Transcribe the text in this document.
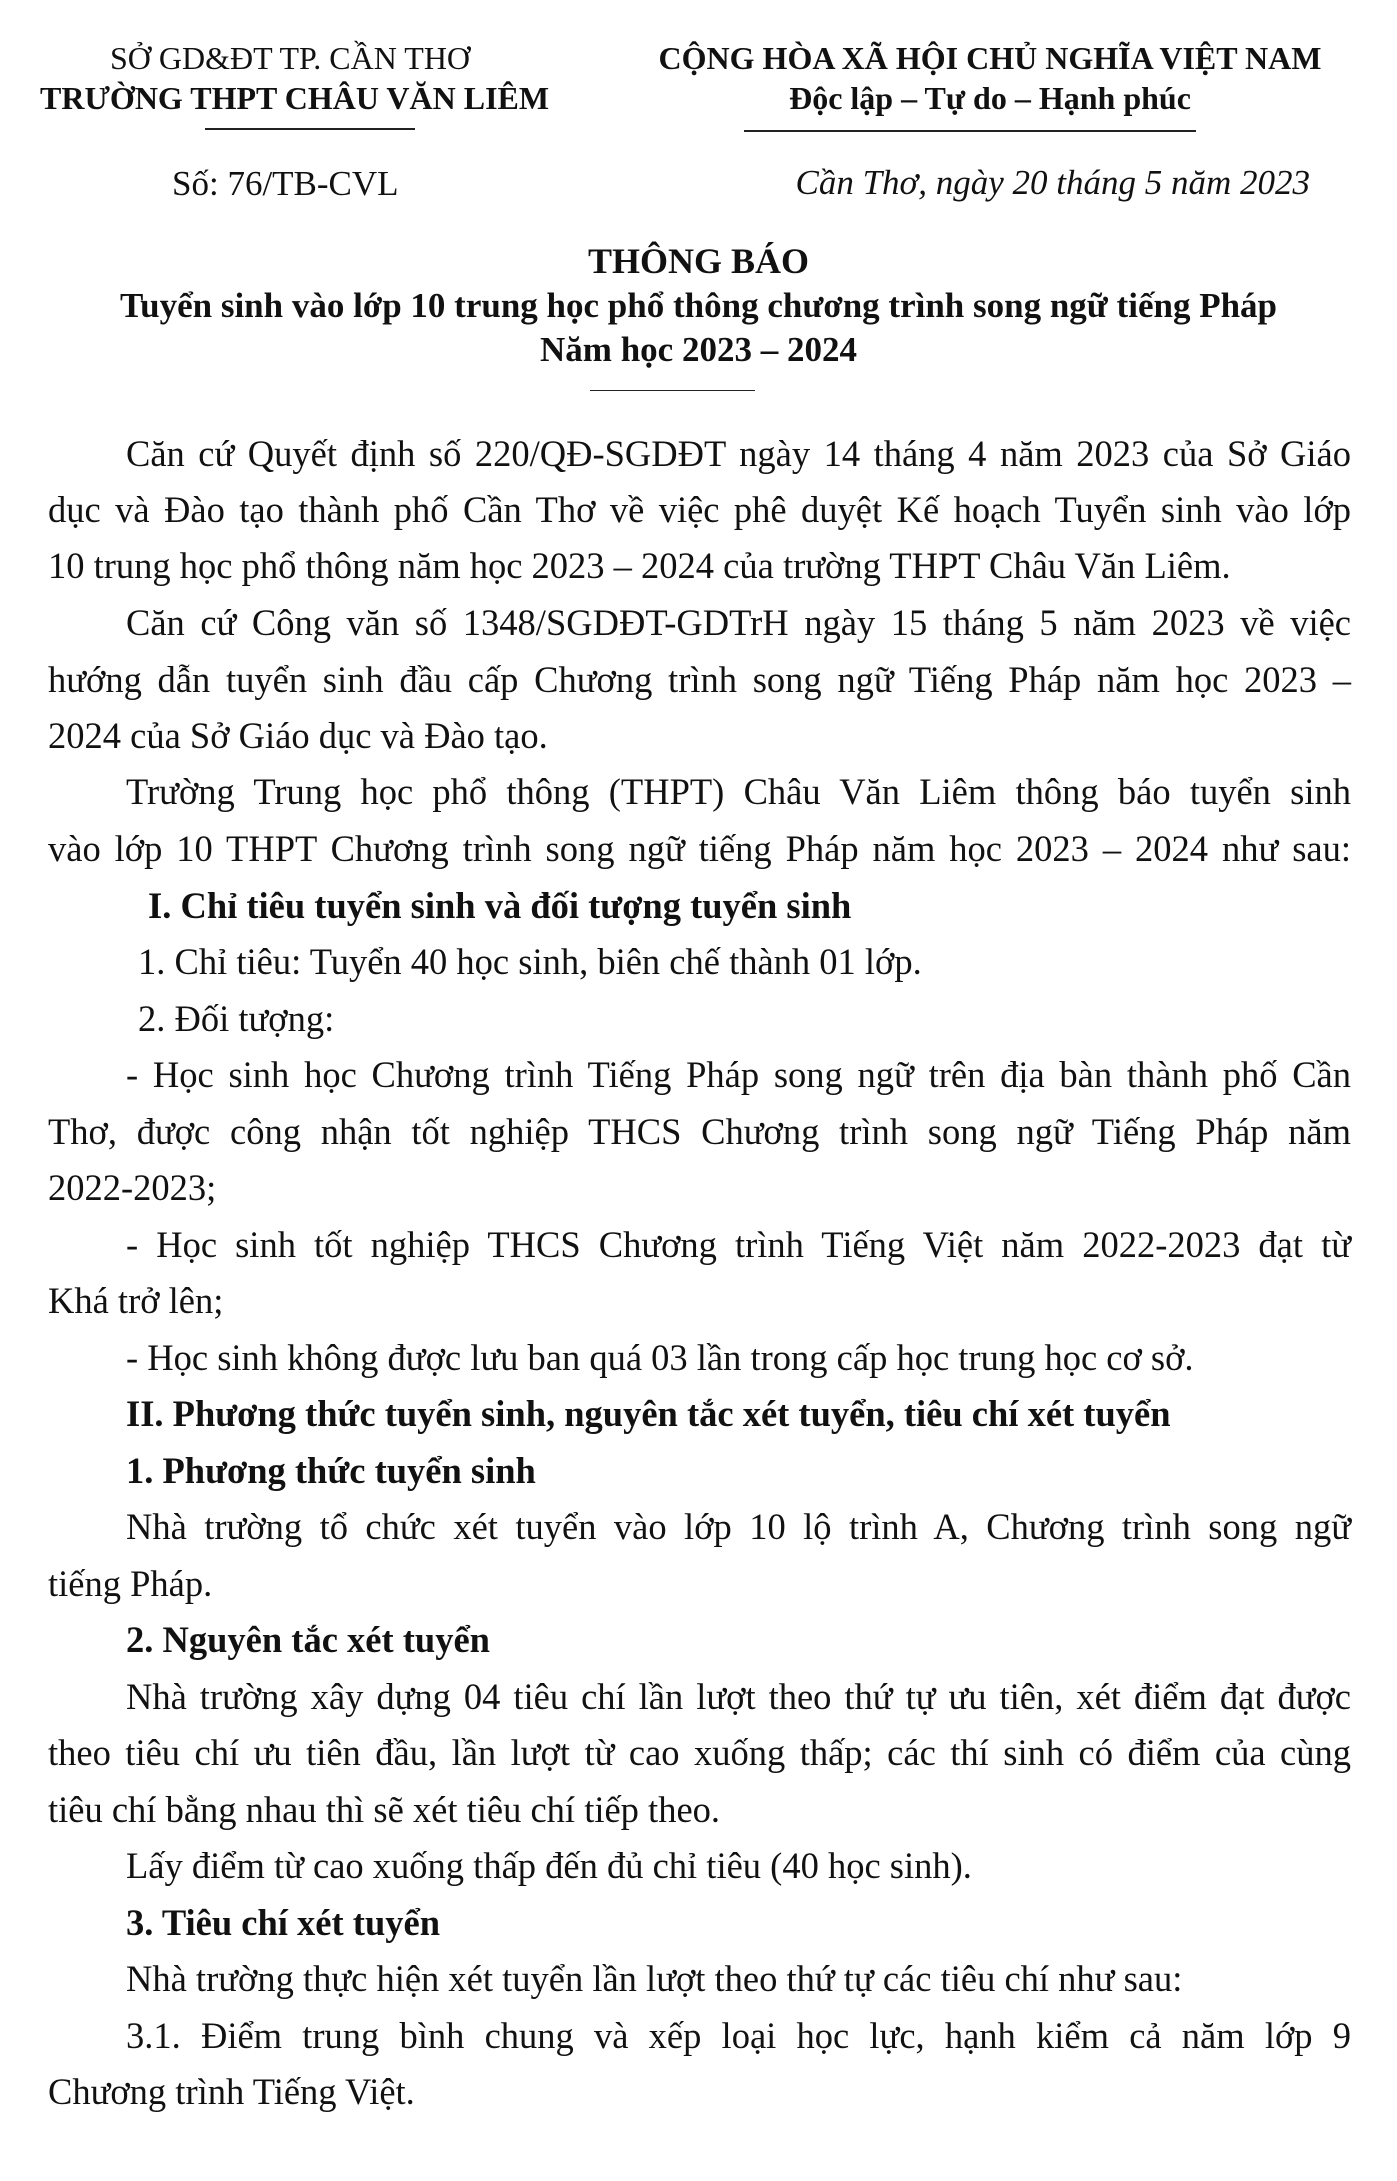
SỞ GD&ĐT TP. CẦN THƠ
TRƯỜNG THPT CHÂU VĂN LIÊM
CỘNG HÒA XÃ HỘI CHỦ NGHĨA VIỆT NAM
Độc lập – Tự do – Hạnh phúc
Số: 76/TB-CVL	Cần Thơ, ngày 20 tháng 5 năm 2023
THÔNG BÁO
Tuyển sinh vào lớp 10 trung học phổ thông chương trình song ngữ tiếng Pháp
Năm học 2023 – 2024
Căn cứ Quyết định số 220/QĐ-SGDĐT ngày 14 tháng 4 năm 2023 của Sở Giáo
dục và Đào tạo thành phố Cần Thơ về việc phê duyệt Kế hoạch Tuyển sinh vào lớp
10 trung học phổ thông năm học 2023 – 2024 của trường THPT Châu Văn Liêm.
Căn cứ Công văn số 1348/SGDĐT-GDTrH ngày 15 tháng 5 năm 2023 về việc
hướng dẫn tuyển sinh đầu cấp Chương trình song ngữ Tiếng Pháp năm học 2023 –
2024 của Sở Giáo dục và Đào tạo.
Trường Trung học phổ thông (THPT) Châu Văn Liêm thông báo tuyển sinh
vào lớp 10 THPT Chương trình song ngữ tiếng Pháp năm học 2023 – 2024 như sau:
I. Chỉ tiêu tuyển sinh và đối tượng tuyển sinh
1. Chỉ tiêu: Tuyển 40 học sinh, biên chế thành 01 lớp.
2. Đối tượng:
- Học sinh học Chương trình Tiếng Pháp song ngữ trên địa bàn thành phố Cần
Thơ, được công nhận tốt nghiệp THCS Chương trình song ngữ Tiếng Pháp năm
2022-2023;
- Học sinh tốt nghiệp THCS Chương trình Tiếng Việt năm 2022-2023 đạt từ
Khá trở lên;
- Học sinh không được lưu ban quá 03 lần trong cấp học trung học cơ sở.
II. Phương thức tuyển sinh, nguyên tắc xét tuyển, tiêu chí xét tuyển
1. Phương thức tuyển sinh
Nhà trường tổ chức xét tuyển vào lớp 10 lộ trình A, Chương trình song ngữ
tiếng Pháp.
2. Nguyên tắc xét tuyển
Nhà trường xây dựng 04 tiêu chí lần lượt theo thứ tự ưu tiên, xét điểm đạt được
theo tiêu chí ưu tiên đầu, lần lượt từ cao xuống thấp; các thí sinh có điểm của cùng
tiêu chí bằng nhau thì sẽ xét tiêu chí tiếp theo.
Lấy điểm từ cao xuống thấp đến đủ chỉ tiêu (40 học sinh).
3. Tiêu chí xét tuyển
Nhà trường thực hiện xét tuyển lần lượt theo thứ tự các tiêu chí như sau:
3.1. Điểm trung bình chung và xếp loại học lực, hạnh kiểm cả năm lớp 9
Chương trình Tiếng Việt.
